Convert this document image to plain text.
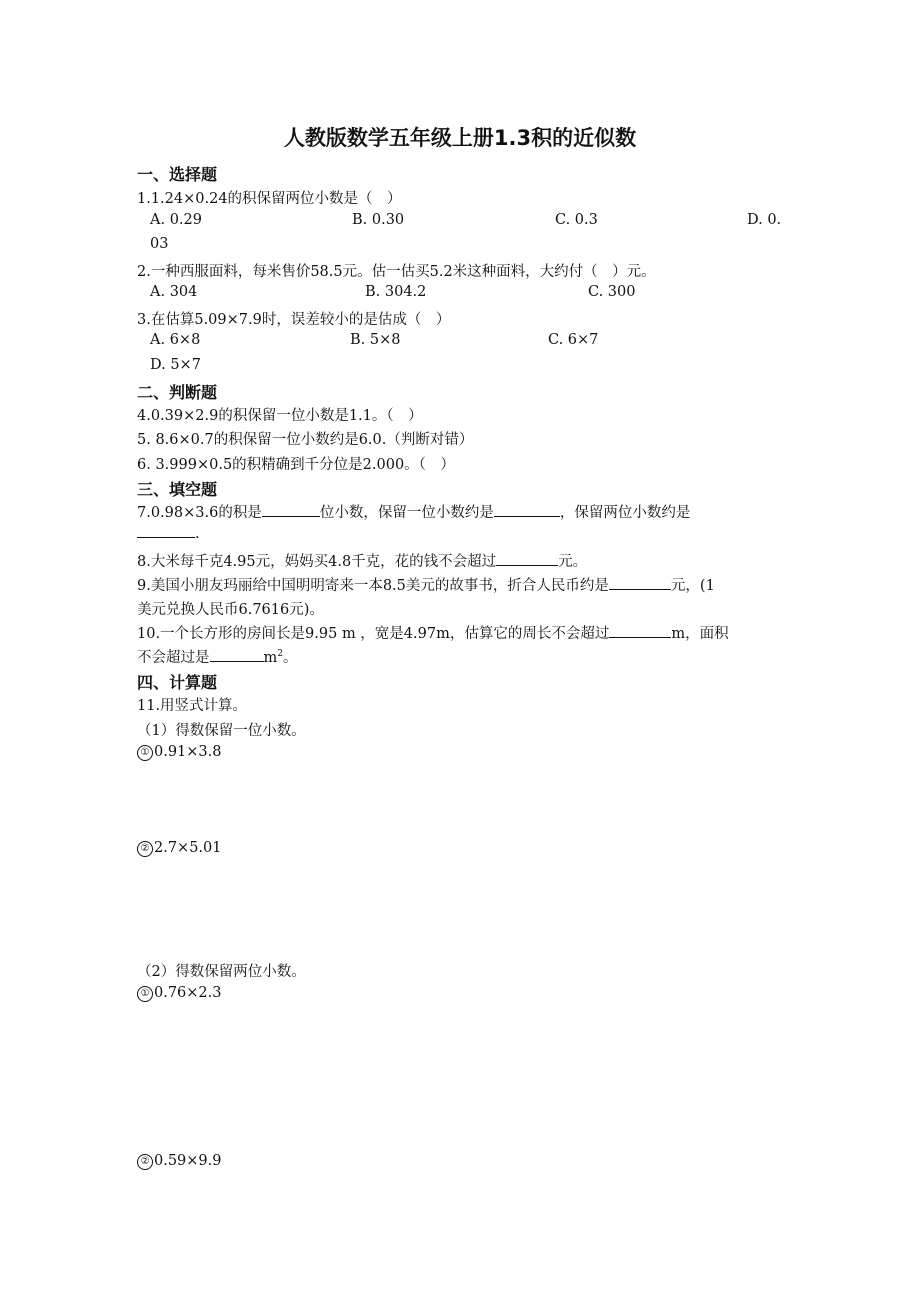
人教版数学五年级上册1.3积的近似数
一、选择题
1.1.24×0.24的积保留两位小数是（　）
A. 0.29	B. 0.30	C. 0.3	D. 0.
03
2.一种西服面料，每米售价58.5元。估一估买5.2米这种面料，大约付（　）元。
A. 304	B. 304.2	C. 300
3.在估算5.09×7.9时，误差较小的是估成（　）
A. 6×8	B. 5×8	C. 6×7
D. 5×7
二、判断题
4.0.39×2.9的积保留一位小数是1.1。（　）
5. 8.6×0.7的积保留一位小数约是6.0.（判断对错）
6. 3.999×0.5的积精确到千分位是2.000。（　）
三、填空题
7.0.98×3.6的积是	位小数，保留一位小数约是	，保留两位小数约是
.
8.大米每千克4.95元，妈妈买4.8千克，花的钱不会超过	元。
9.美国小朋友玛丽给中国明明寄来一本8.5美元的故事书，折合人民币约是	元，(1
美元兑换人民币6.7616元)。
10.一个长方形的房间长是9.95 m ，宽是4.97m，估算它的周长不会超过	m，面积
不会超过是	$m^2$。
四、计算题
11.用竖式计算。
（1）得数保留一位小数。
① 0.91×3.8
② 2.7×5.01
（2）得数保留两位小数。
① 0.76×2.3
② 0.59×9.9
